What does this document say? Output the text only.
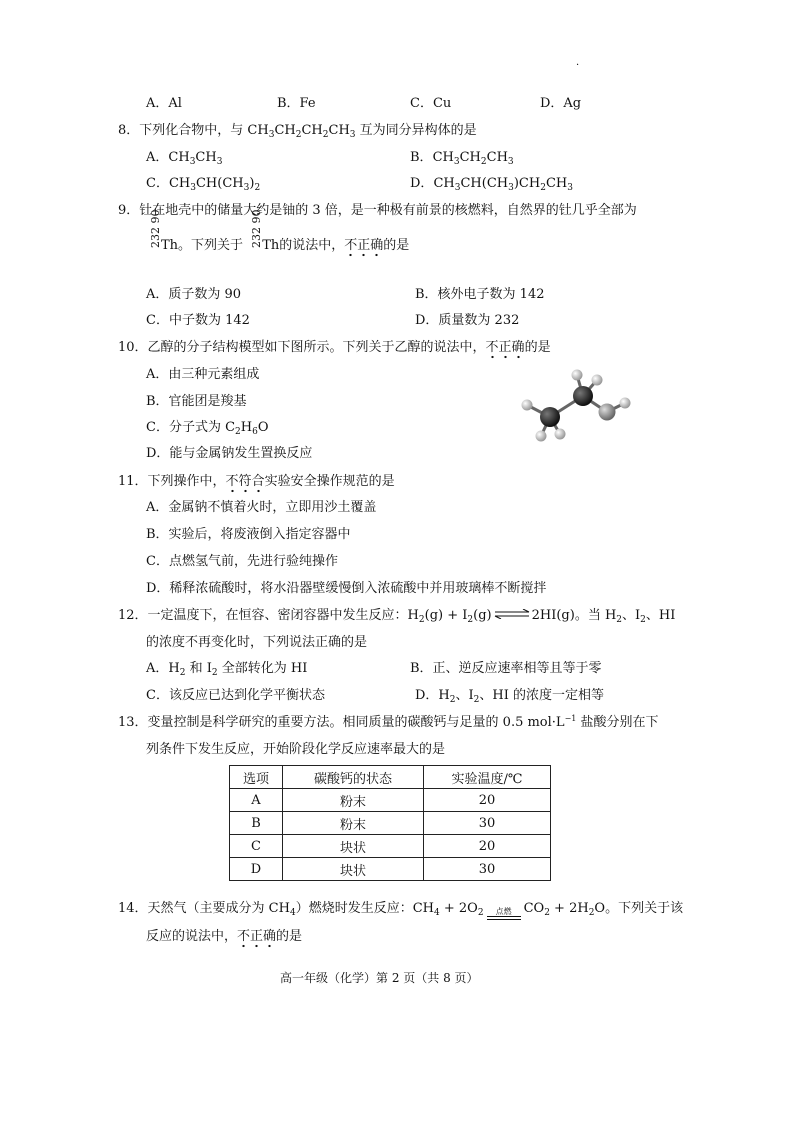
·
A．Al	B．Fe	C．Cu	D．Ag
8．下列化合物中，与 $CH_3CH_2CH_2CH_3$ 互为同分异构体的是
A．$CH_3CH_3$	B．$CH_3CH_2CH_3$
C．$CH_3CH(CH_3)_2$	D．$CH_3CH(CH_3)CH_2CH_3$
9．钍在地壳中的储量大约是铀的 3 倍，是一种极有前景的核燃料，自然界的钍几乎全部为
232 90 Th。下列关于 232 90 Th的说法中，不正确的是
A．质子数为 90	B．核外电子数为 142
C．中子数为 142	D．质量数为 232
10．乙醇的分子结构模型如下图所示。下列关于乙醇的说法中，不正确的是
A．由三种元素组成
B．官能团是羧基
C．分子式为 $C_2H_6O$
D．能与金属钠发生置换反应
11．下列操作中，不符合实验安全操作规范的是
A．金属钠不慎着火时，立即用沙土覆盖
B．实验后，将废液倒入指定容器中
C．点燃氢气前，先进行验纯操作
D．稀释浓硫酸时，将水沿器壁缓慢倒入浓硫酸中并用玻璃棒不断搅拌
12．一定温度下，在恒容、密闭容器中发生反应：$H_2(g)$ + $I_2(g)\rightleftharpoons 2HI(g)$。当 $H_2$、$I_2$、HI
的浓度不再变化时，下列说法正确的是
A．$H_2$ 和 $I_2$ 全部转化为 HI	B．正、逆反应速率相等且等于零
C．该反应已达到化学平衡状态	D．$H_2$、$I_2$、HI 的浓度一定相等
13．变量控制是科学研究的重要方法。相同质量的碳酸钙与足量的 0.5 $mol\cdot L^{-1}$ 盐酸分别在下
列条件下发生反应，开始阶段化学反应速率最大的是
选项	碳酸钙的状态	实验温度/℃
A	粉末	20
B	粉末	30
C	块状	20
D	块状	30
14．天然气（主要成分为 $CH_4$）燃烧时发生反应：$CH_4 + 2O_2$ 点燃 $CO_2 + 2H_2O$。下列关于该
反应的说法中，不正确的是
高一年级（化学）第 2 页（共 8 页）
